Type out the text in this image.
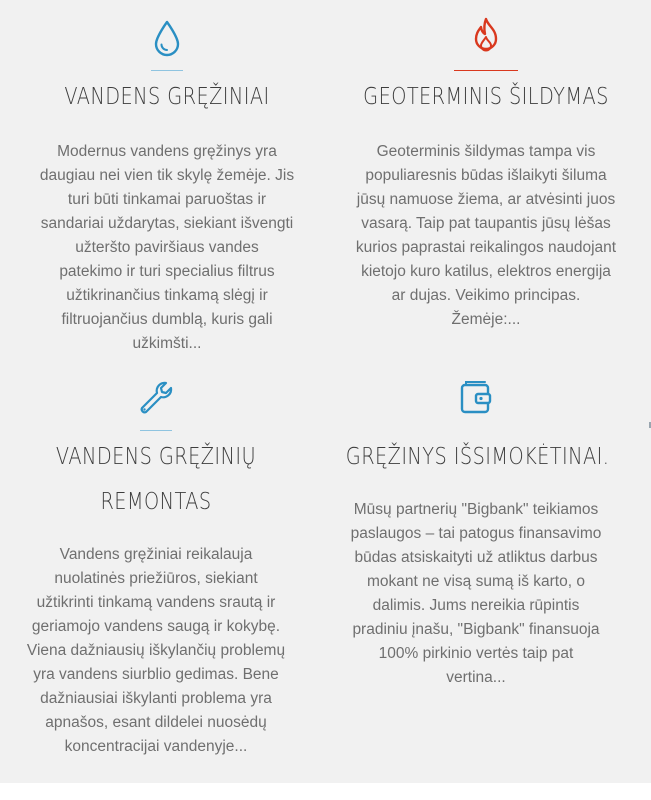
VANDENS GRĘŽINIAI
Modernus vandens gręžinys yra
daugiau nei vien tik skylę žemėje. Jis
turi būti tinkamai paruoštas ir
sandariai uždarytas, siekiant išvengti
užteršto paviršiaus vandes
patekimo ir turi specialius filtrus
užtikrinančius tinkamą slėgį ir
filtruojančius dumblą, kuris gali
užkimšti...
GEOTERMINIS ŠILDYMAS
Geoterminis šildymas tampa vis
populiaresnis būdas išlaikyti šiluma
jūsų namuose žiema, ar atvėsinti juos
vasarą. Taip pat taupantis jūsų lėšas
kurios paprastai reikalingos naudojant
kietojo kuro katilus, elektros energija
ar dujas. Veikimo principas.
Žemėje:...
VANDENS GRĘŽINIŲ
REMONTAS
Vandens gręžiniai reikalauja
nuolatinės priežiūros, siekiant
užtikrinti tinkamą vandens srautą ir
geriamojo vandens saugą ir kokybę.
Viena dažniausių iškylančių problemų
yra vandens siurblio gedimas. Bene
dažniausiai iškylanti problema yra
apnašos, esant dildelei nuosėdų
koncentracijai vandenyje...
GRĘŽINYS IŠSIMOKĖTINAI.
Mūsų partnerių "Bigbank" teikiamos
paslaugos – tai patogus finansavimo
būdas atsiskaityti už atliktus darbus
mokant ne visą sumą iš karto, o
dalimis. Jums nereikia rūpintis
pradiniu įnašu, "Bigbank" finansuoja
100% pirkinio vertės taip pat
vertina...
